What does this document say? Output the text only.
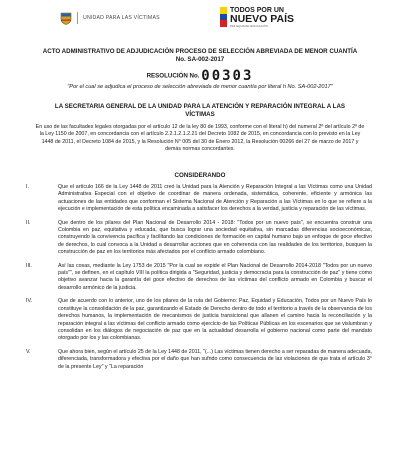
UNIDAD PARA LAS VÍCTIMAS
TODOS POR UN
NUEVO PAÍS
PAZ EQUIDAD EDUCACIÓN
ACTO ADMINISTRATIVO DE ADJUDICACIÓN PROCESO DE SELECCIÓN ABREVIADA DE MENOR CUANTÍA No. SA-002-2017
RESOLUCIÓN No. 00303
"Por el cual se adjudica el proceso de selección abreviada de menor cuantía por literal h No. SA-002-2017"
LA SECRETARIA GENERAL DE LA UNIDAD PARA LA ATENCIÓN Y REPARACIÓN INTEGRAL A LAS VÍCTIMAS
En uso de las facultades legales otorgadas por el artículo 12 de la ley 80 de 1993, conforme con el literal h) del numeral 2º del artículo 2º de la Ley 1150 de 2007, en concordancia con el artículo 2.2.1.2.1.2.21 del Decreto 1082 de 2015, en concordancia con lo previsto en la Ley 1448 de 2011, el Decreto 1084 de 2015, y la Resolución N° 005 del 30 de Enero 2012, la Resolución 00266 del 27 de marzo de 2017 y demás normas concordantes.
CONSIDERANDO
I.	Que el artículo 166 de la Ley 1448 de 2011 creó la Unidad para la Atención y Reparación Integral a las Víctimas como una Unidad Administrativa Especial con el objetivo de coordinar de manera ordenada, sistemática, coherente, eficiente y armónica las actuaciones de las entidades que conforman el Sistema Nacional de Atención y Reparación a las Víctimas en lo que se refiere a la ejecución e implementación de esta política encaminada a satisfacer los derechos a la verdad, justicia y reparación de las víctimas.
II.	Que dentro de los pilares del Plan Nacional de Desarrollo 2014 - 2018: "Todos por un nuevo país", se encuentra construir una Colombia en paz, equitativa y educada, que busca lograr una sociedad equitativa, sin marcadas diferencias socioeconómicas, construyendo la convivencia pacífica y facilitando las condiciones de formación en capital humano bajo un enfoque de goce efectivo de derechos, lo cual convoca a la Unidad a desarrollar acciones que en coherencia con las realidades de los territorios, busquen la construcción de paz en los territorios más afectados por el conflicto armado colombiano.
III.	Así las cosas, mediante la Ley 1753 de 2015 "Por la cual se expide el Plan Nacional de Desarrollo 2014-2018 "Todos por un nuevo país"", se definen, en el capítulo VIII la política dirigida a "Seguridad, justicia y democracia para la construcción de paz" y tiene como objetivo avanzar hacia la garantía del goce efectivo de derechos de las víctimas del conflicto armado en Colombia y buscar el desarrollo armónico de la justicia.
IV.	Que de acuerdo con lo anterior, uno de los pilares de la ruta del Gobierno: Paz, Equidad y Educación, Todos por un Nuevo País lo constituye la consolidación de la paz, garantizando el Estado de Derecho dentro de todo el territorio a través de la observancia de los derechos humanos, la implementación de mecanismos de justicia transicional que allanen el camino hacia la reconciliación y la reparación integral a las víctimas del conflicto armado como ejercicio de las Políticas Públicas en los escenarios que se vislumbran y consolidan en los diálogos de negociación de paz que en la actualidad desarrolla el gobierno nacional como parte del mandato otorgado por los y las colombianas.
V.	Que ahora bien, según el artículo 25 de la Ley 1448 de 2011, "(...) Las víctimas tienen derecho a ser reparadas de manera adecuada, diferenciada, transformadora y efectiva por el daño que han sufrido como consecuencia de las violaciones de que trata el artículo 3° de la presente Ley" y "La reparación
